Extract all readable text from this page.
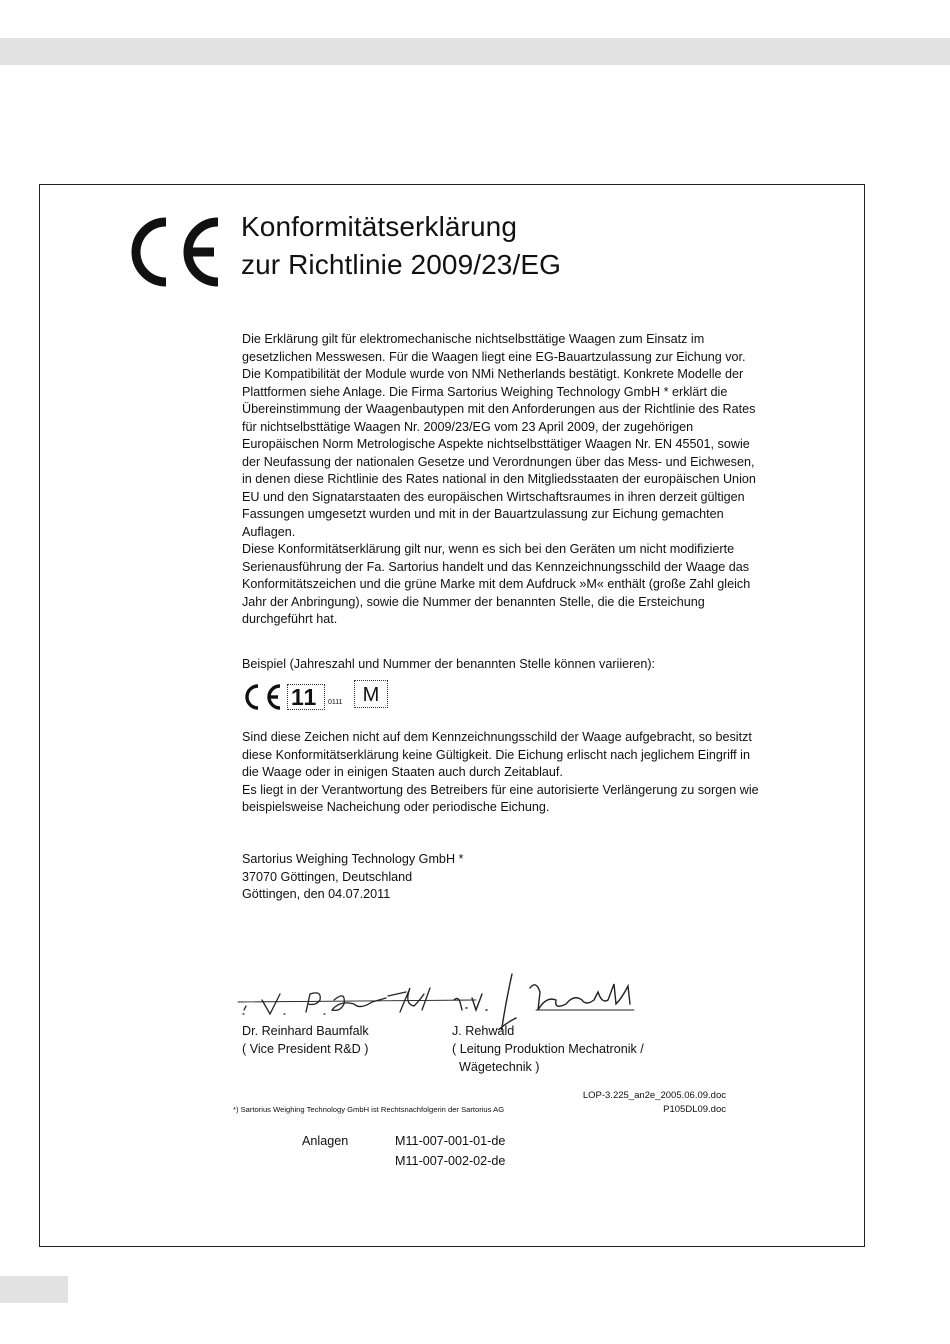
Konformitätserklärung
zur Richtlinie 2009/23/EG

Die Erklärung gilt für elektromechanische nichtselbsttätige Waagen zum Einsatz im gesetzlichen Messwesen. Für die Waagen liegt eine EG-Bauartzulassung zur Eichung vor. Die Kompatibilität der Module wurde von NMi Netherlands bestätigt. Konkrete Modelle der Plattformen siehe Anlage. Die Firma Sartorius Weighing Technology GmbH * erklärt die Übereinstimmung der Waagenbautypen mit den Anforderungen aus der Richtlinie des Rates für nichtselbsttätige Waagen Nr. 2009/23/EG vom 23 April 2009, der zugehörigen Europäischen Norm Metrologische Aspekte nichtselbsttätiger Waagen Nr. EN 45501, sowie der Neufassung der nationalen Gesetze und Verordnungen über das Mess- und Eichwesen, in denen diese Richtlinie des Rates national in den Mitgliedsstaaten der europäischen Union EU und den Signatarstaaten des europäischen Wirtschaftsraumes in ihren derzeit gültigen Fassungen umgesetzt wurden und mit in der Bauartzulassung zur Eichung gemachten Auflagen.

Diese Konformitätserklärung gilt nur, wenn es sich bei den Geräten um nicht modifizierte Serienausführung der Fa. Sartorius handelt und das Kennzeichnungsschild der Waage das Konformitätszeichen und die grüne Marke mit dem Aufdruck »M« enthält (große Zahl gleich Jahr der Anbringung), sowie die Nummer der benannten Stelle, die die Ersteichung durchgeführt hat.

Beispiel (Jahreszahl und Nummer der benannten Stelle können variieren):

11 0111	M

Sind diese Zeichen nicht auf dem Kennzeichnungsschild der Waage aufgebracht, so besitzt diese Konformitätserklärung keine Gültigkeit. Die Eichung erlischt nach jeglichem Eingriff in die Waage oder in einigen Staaten auch durch Zeitablauf.

Es liegt in der Verantwortung des Betreibers für eine autorisierte Verlängerung zu sorgen wie beispielsweise Nacheichung oder periodische Eichung.

Sartorius Weighing Technology GmbH *

37070 Göttingen, Deutschland

Göttingen, den 04.07.2011

Dr. Reinhard Baumfalk
( Vice President R&D )
J. Rehwald
( Leitung Produktion Mechatronik /
Wägetechnik )
LOP-3.225_an2e_2005.06.09.doc
P105DL09.doc
*) Sartorius Weighing Technology GmbH ist Rechtsnachfolgerin der Sartorius AG
Anlagen	M11-007-001-01-de
M11-007-002-02-de
